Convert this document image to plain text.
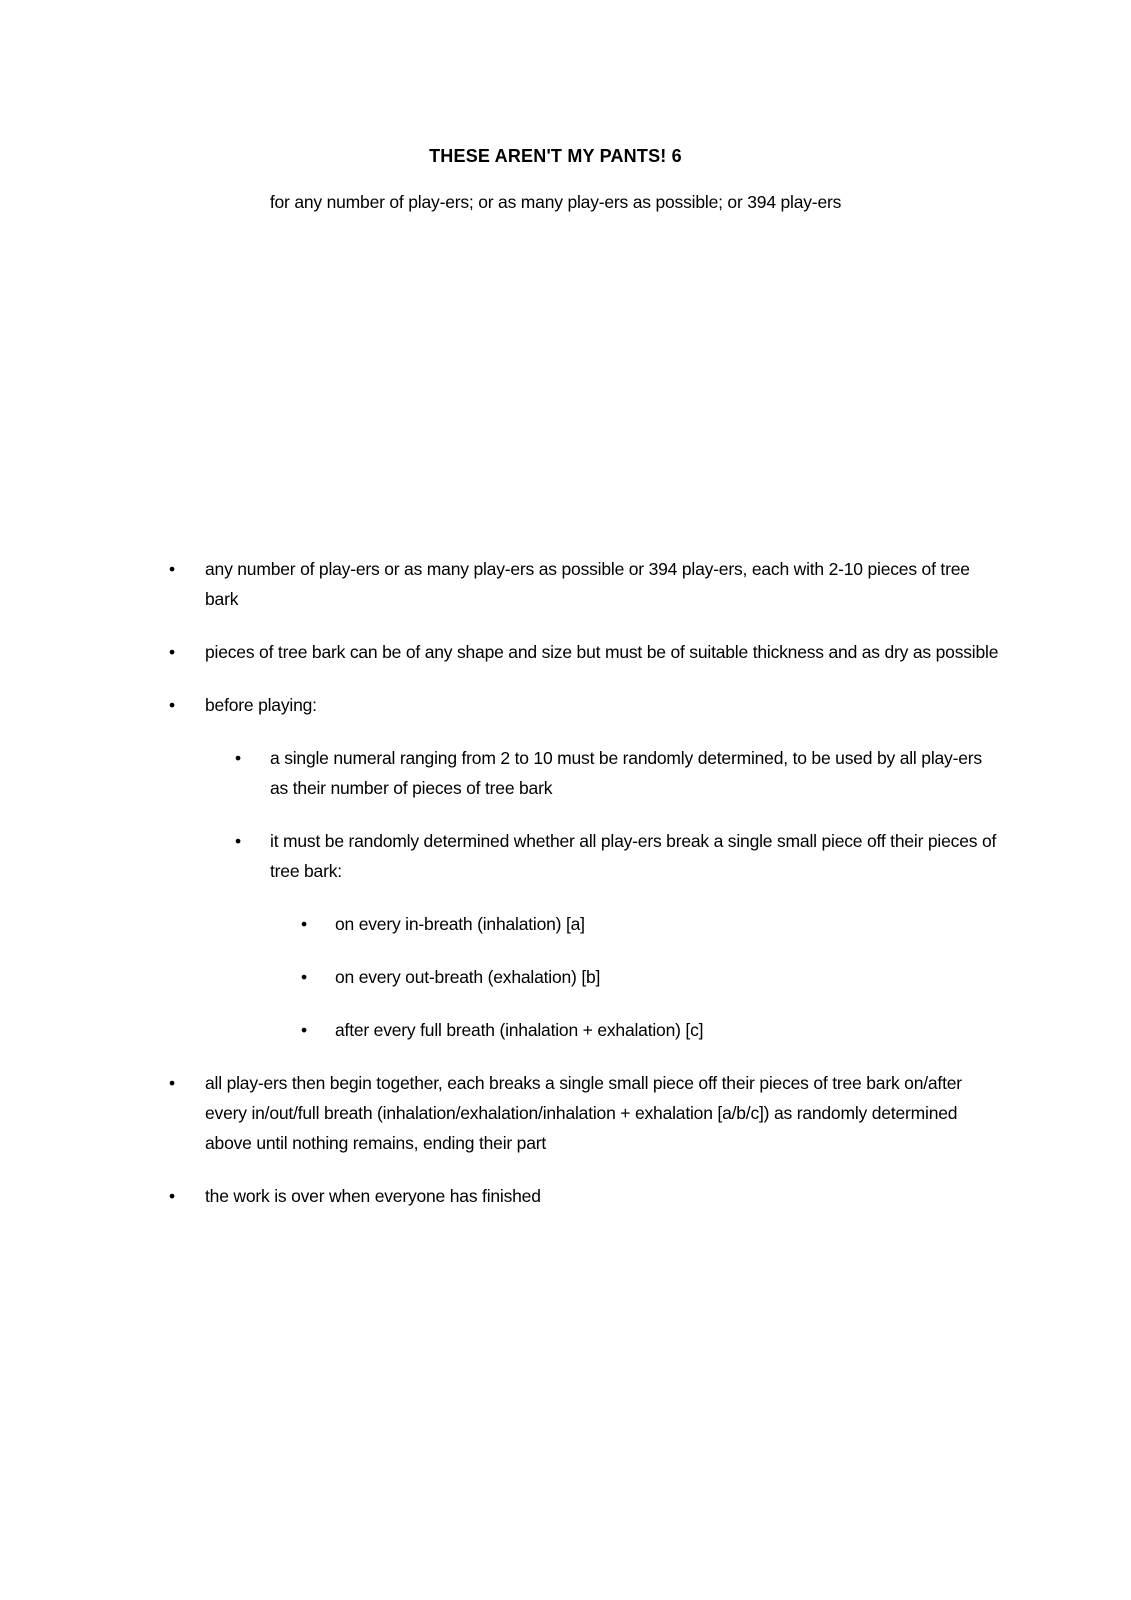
THESE AREN'T MY PANTS! 6
for any number of play-ers; or as many play-ers as possible; or 394 play-ers
• any number of play-ers or as many play-ers as possible or 394 play-ers, each with 2-10 pieces of tree bark
• pieces of tree bark can be of any shape and size but must be of suitable thickness and as dry as possible
• before playing:
• a single numeral ranging from 2 to 10 must be randomly determined, to be used by all play-ers as their number of pieces of tree bark
• it must be randomly determined whether all play-ers break a single small piece off their pieces of tree bark:
• on every in-breath (inhalation) [a]
• on every out-breath (exhalation) [b]
• after every full breath (inhalation + exhalation) [c]
• all play-ers then begin together, each breaks a single small piece off their pieces of tree bark on/after every in/out/full breath (inhalation/exhalation/inhalation + exhalation [a/b/c]) as randomly determined above until nothing remains, ending their part
• the work is over when everyone has finished
